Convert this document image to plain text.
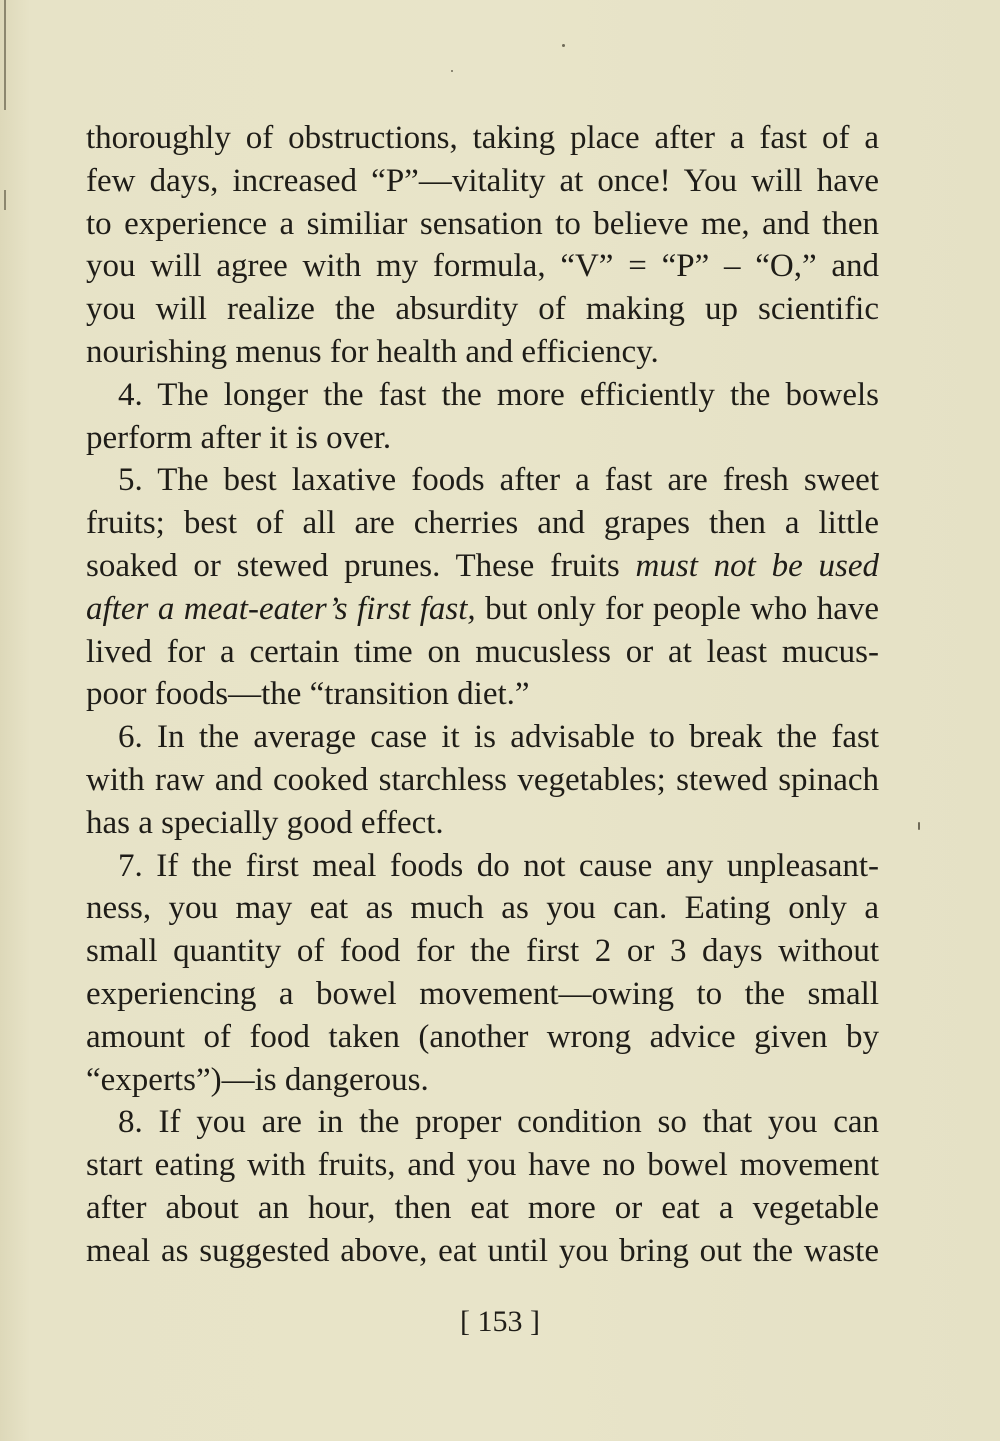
thoroughly of obstructions, taking place after a fast of a
few days, increased “P”—vitality at once! You will have
to experience a similiar sensation to believe me, and then
you will agree with my formula, “V” = “P” – “O,” and
you will realize the absurdity of making up scientific
nourishing menus for health and efficiency.
4. The longer the fast the more efficiently the bowels
perform after it is over.
5. The best laxative foods after a fast are fresh sweet
fruits; best of all are cherries and grapes then a little
soaked or stewed prunes. These fruits must not be used
after a meat-eater’s first fast, but only for people who have
lived for a certain time on mucusless or at least mucus-
poor foods—the “transition diet.”
6. In the average case it is advisable to break the fast
with raw and cooked starchless vegetables; stewed spinach
has a specially good effect.
7. If the first meal foods do not cause any unpleasant-
ness, you may eat as much as you can. Eating only a
small quantity of food for the first 2 or 3 days without
experiencing a bowel movement—owing to the small
amount of food taken (another wrong advice given by
“experts”)—is dangerous.
8. If you are in the proper condition so that you can
start eating with fruits, and you have no bowel movement
after about an hour, then eat more or eat a vegetable
meal as suggested above, eat until you bring out the waste
[ 153 ]
